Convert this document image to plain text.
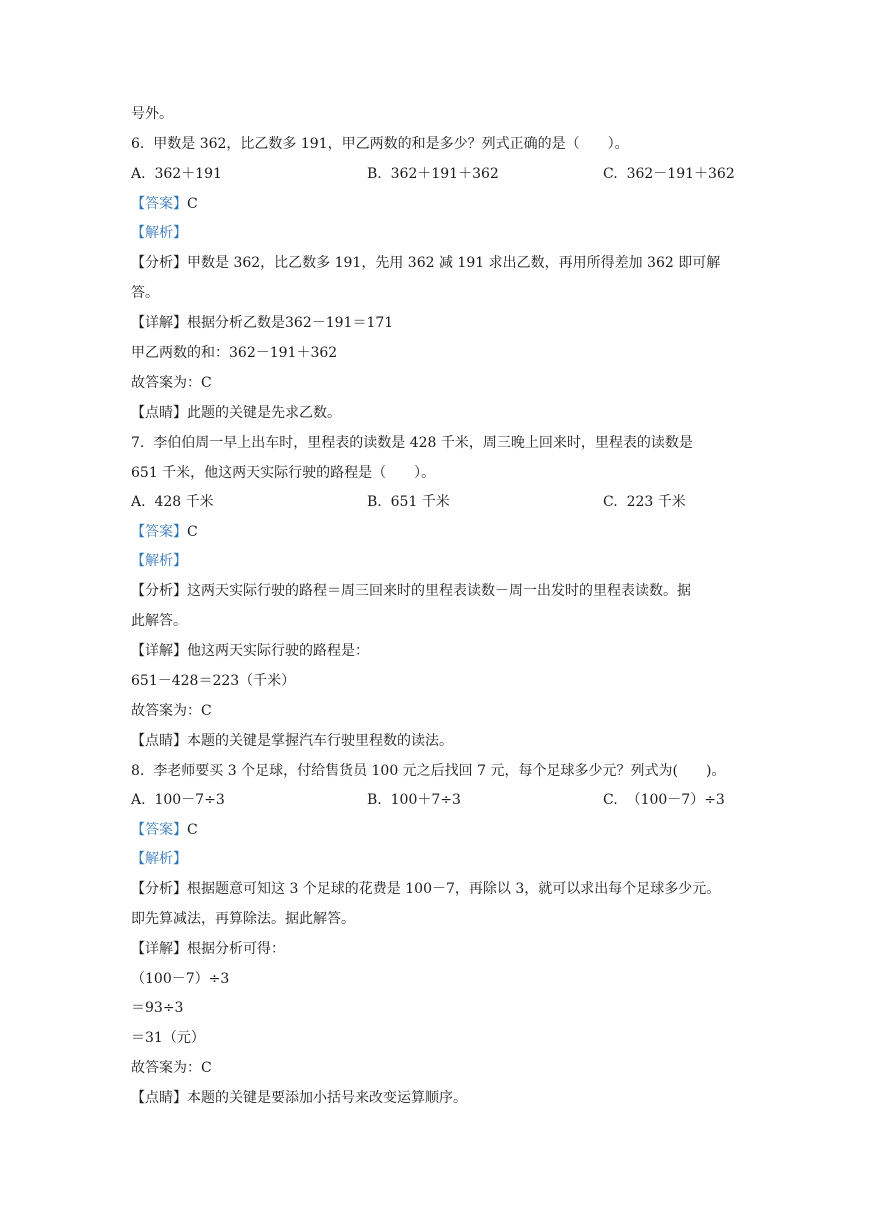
号外。
6.  甲数是 362，比乙数多 191，甲乙两数的和是多少？列式正确的是（　　）。
A.  362＋191	B.  362＋191＋362	C.  362－191＋362
【答案】C
【解析】
【分析】甲数是 362，比乙数多 191，先用 362 减 191 求出乙数，再用所得差加 362 即可解
答。
【详解】根据分析乙数是362－191＝171
甲乙两数的和：362－191＋362
故答案为：C
【点睛】此题的关键是先求乙数。
7.  李伯伯周一早上出车时，里程表的读数是 428 千米，周三晚上回来时，里程表的读数是
651 千米，他这两天实际行驶的路程是（　　）。
A.  428 千米	B.  651 千米	C.  223 千米
【答案】C
【解析】
【分析】这两天实际行驶的路程＝周三回来时的里程表读数－周一出发时的里程表读数。据
此解答。
【详解】他这两天实际行驶的路程是：
651－428＝223（千米）
故答案为：C
【点睛】本题的关键是掌握汽车行驶里程数的读法。
8.  李老师要买 3 个足球，付给售货员 100 元之后找回 7 元，每个足球多少元？列式为(　　)。
A.  100－7÷3	B.  100＋7÷3	C.  （100－7）÷3
【答案】C
【解析】
【分析】根据题意可知这 3 个足球的花费是 100－7，再除以 3，就可以求出每个足球多少元。
即先算减法，再算除法。据此解答。
【详解】根据分析可得：
（100－7）÷3
＝93÷3
＝31（元）
故答案为：C
【点睛】本题的关键是要添加小括号来改变运算顺序。
